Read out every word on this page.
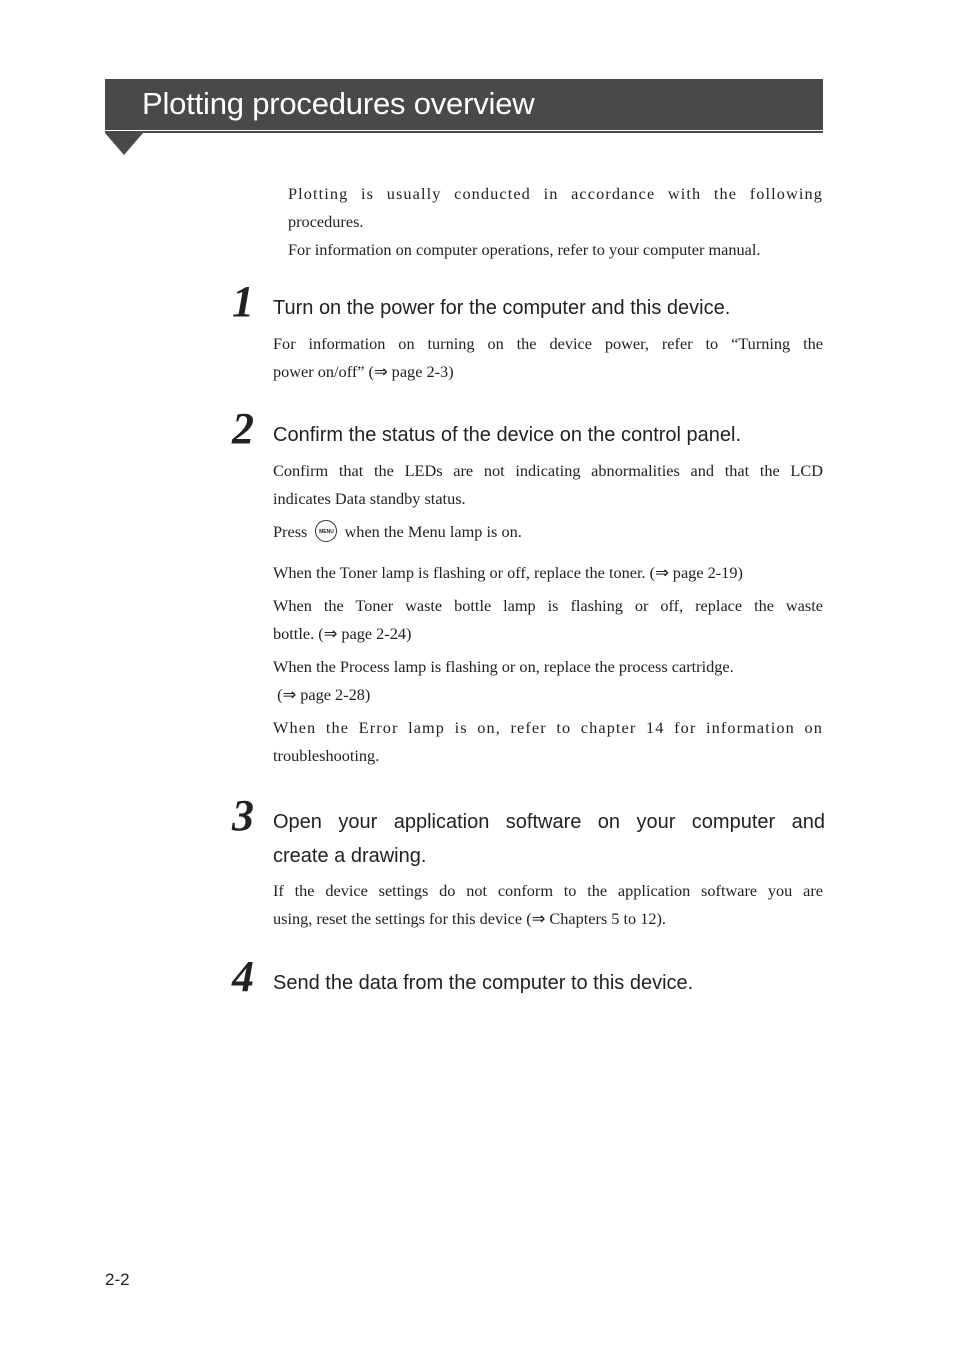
Plotting procedures overview
Plotting is usually conducted in accordance with the following
procedures.
For information on computer operations, refer to your computer manual.
1 Turn on the power for the computer and this device.
For information on turning on the device power, refer to “Turning the
power on/off” (⇒ page 2-3)
2 Confirm the status of the device on the control panel.
Confirm that the LEDs are not indicating abnormalities and that the LCD
indicates Data standby status.
Press MENU when the Menu lamp is on.
When the Toner lamp is flashing or off, replace the toner. (⇒ page 2-19)
When the Toner waste bottle lamp is flashing or off, replace the waste
bottle. (⇒ page 2-24)
When the Process lamp is flashing or on, replace the process cartridge.
(⇒ page 2-28)
When the Error lamp is on, refer to chapter 14 for information on
troubleshooting.
3 Open your application software on your computer and
create a drawing.
If the device settings do not conform to the application software you are
using, reset the settings for this device (⇒ Chapters 5 to 12).
4 Send the data from the computer to this device.
2-2
